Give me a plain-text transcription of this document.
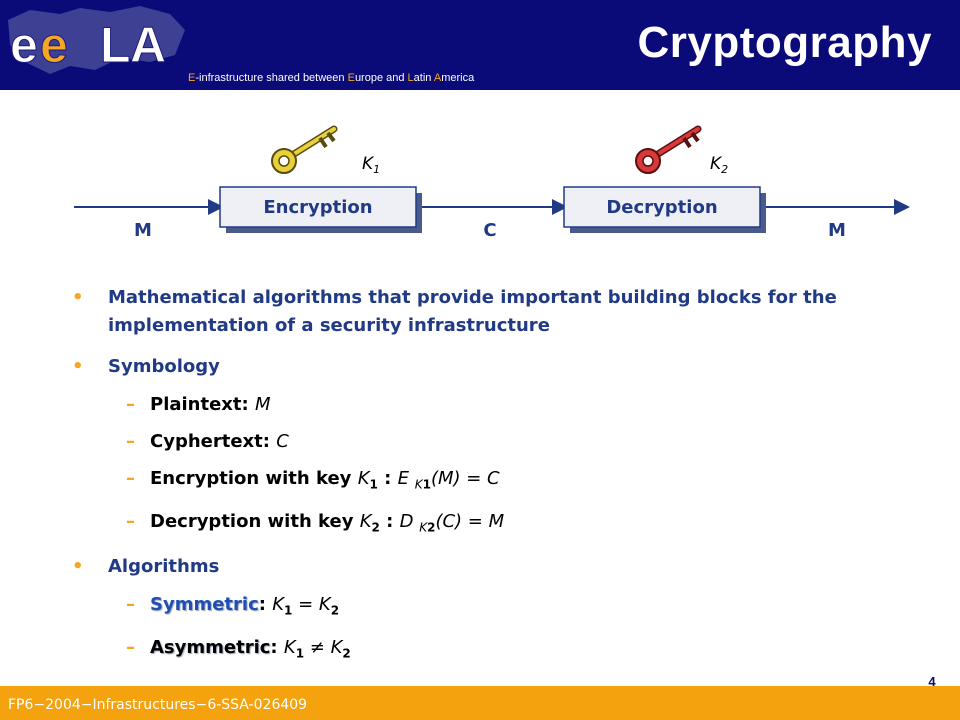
e e L A
E-infrastructure shared between Europe and Latin America
Cryptography
Encryption	Decryption
M	C	M
$K_1$	$K_2$
• Mathematical algorithms that provide important building blocks for the implementation of a security infrastructure
• Symbology
– Plaintext: M
– Cyphertext: C
– Encryption with key $K_1$ : E $_{K1}$(M) = C
– Decryption with key $K_2$ : D $_{K2}$(C) = M
• Algorithms
– Symmetric: $K_1 = K_2$
– Asymmetric: $K_1 \ne K_2$
4
FP6−2004−Infrastructures−6-SSA-026409
